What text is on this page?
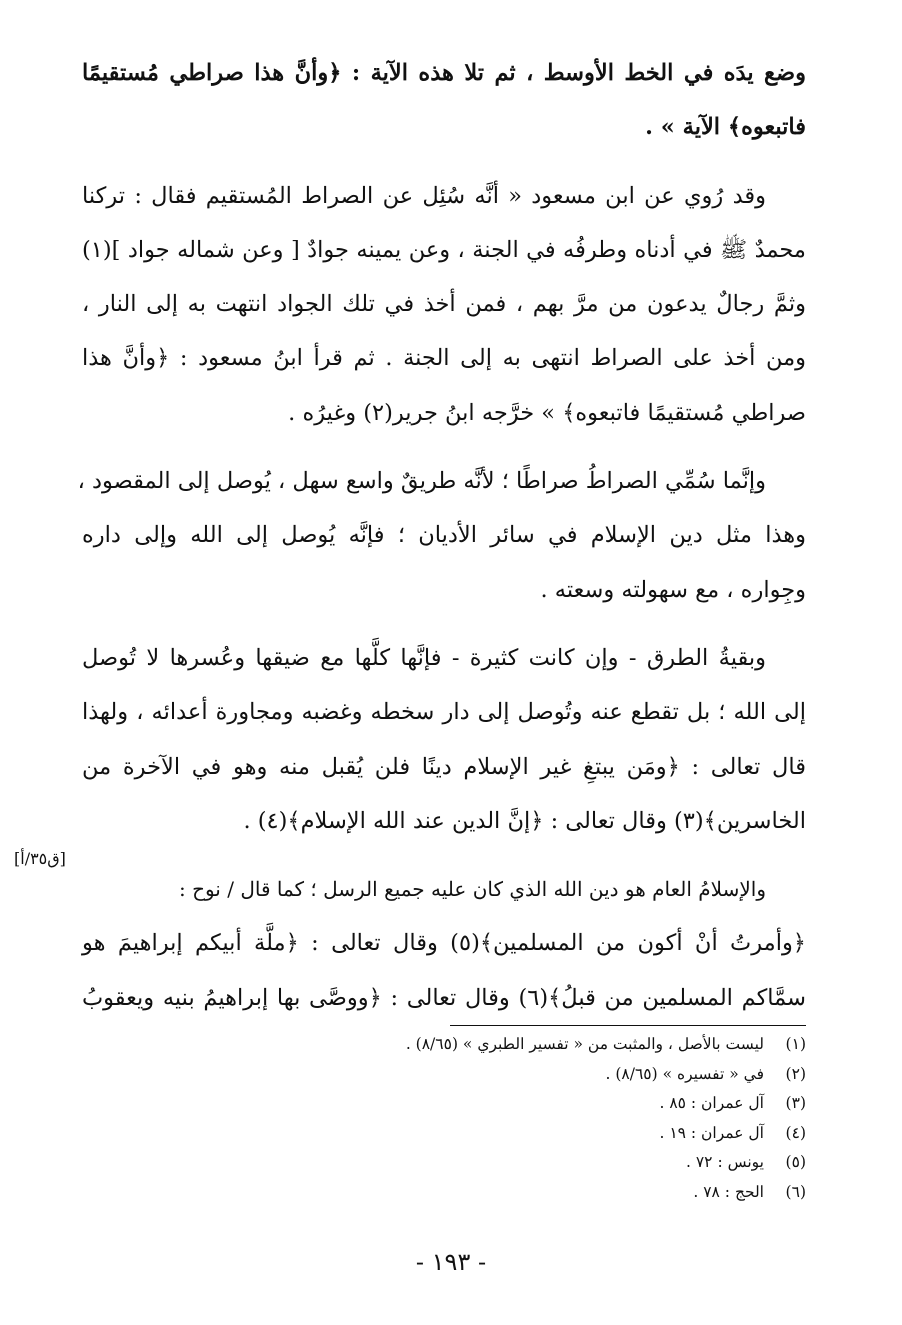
وضع يدَه في الخط الأوسط ، ثم تلا هذه الآية : ﴿وأنَّ هذا صراطي مُستقيمًا
فاتبعوه﴾ الآية » .

وقد رُوي عن ابن مسعود « أنَّه سُئِل عن الصراط المُستقيم فقال : تركنا
محمدٌ ﷺ في أدناه وطرفُه في الجنة ، وعن يمينه جوادٌ [ وعن شماله جواد ](١)
وثمَّ رجالٌ يدعون من مرَّ بهم ، فمن أخذ في تلك الجواد انتهت به إلى النار ،
ومن أخذ على الصراط انتهى به إلى الجنة . ثم قرأ ابنُ مسعود : ﴿وأنَّ هذا
صراطي مُستقيمًا فاتبعوه﴾ » خرَّجه ابنُ جرير(٢) وغيرُه .

وإنَّما سُمِّي الصراطُ صراطًا ؛ لأنَّه طريقٌ واسع سهل ، يُوصل إلى المقصود ،
وهذا مثل دين الإسلام في سائر الأديان ؛ فإنَّه يُوصل إلى الله وإلى داره
وجِواره ، مع سهولته وسعته .

وبقيةُ الطرق - وإن كانت كثيرة - فإنَّها كلَّها مع ضيقها وعُسرها لا تُوصل
إلى الله ؛ بل تقطع عنه وتُوصل إلى دار سخطه وغضبه ومجاورة أعدائه ، ولهذا
قال تعالى : ﴿ومَن يبتغِ غير الإسلام دينًا فلن يُقبل منه وهو في الآخرة من
الخاسرين﴾(٣) وقال تعالى : ﴿إنَّ الدين عند الله الإسلام﴾(٤) .

والإسلامُ العام هو دين الله الذي كان عليه جميع الرسل ؛ كما قال / نوح :
﴿وأمرتُ أنْ أكون من المسلمين﴾(٥) وقال تعالى : ﴿ملَّة أبيكم إبراهيمَ هو
سمَّاكم المسلمين من قبلُ﴾(٦) وقال تعالى : ﴿ووصَّى بها إبراهيمُ بنيه ويعقوبُ

[ق٣٥/أ]
(١)ليست بالأصل ، والمثبت من « تفسير الطبري » (٨/٦٥) .
(٢)في « تفسيره » (٨/٦٥) .
(٣)آل عمران : ٨٥ .
(٤)آل عمران : ١٩ .
(٥)يونس : ٧٢ .
(٦)الحج : ٧٨ .
- ١٩٣ -
